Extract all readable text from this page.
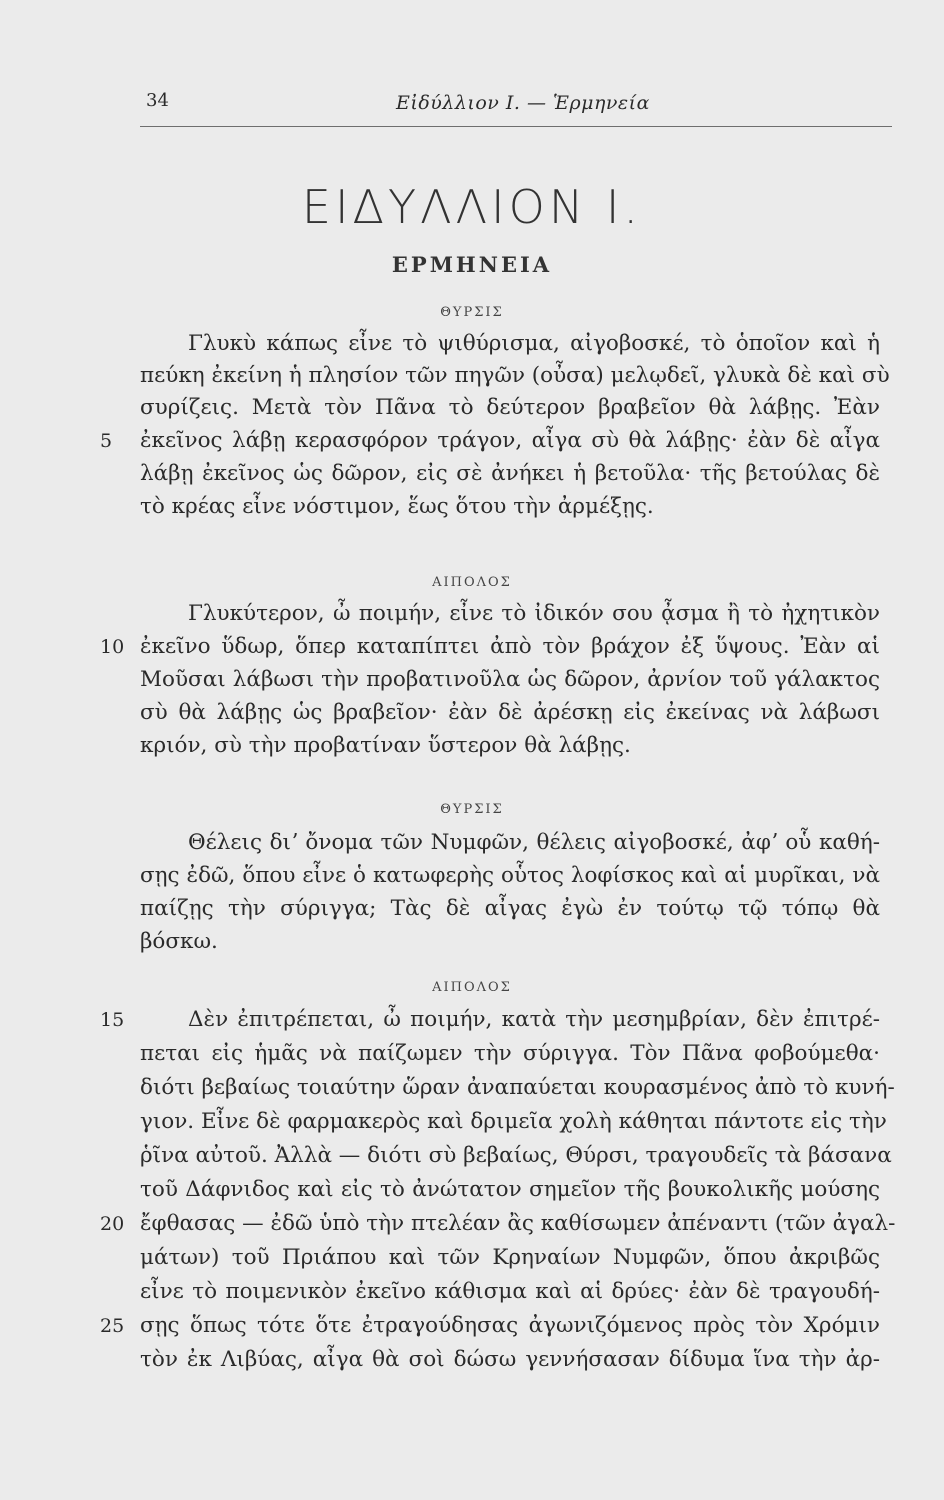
34	Εἰδύλλιον Ι. — Ἑρμηνεία
ΕΙΔΥΛΛΙΟΝ Ι.
ΕΡΜΗΝΕΙΑ
ΘΥΡΣΙΣ
Γλυκὺ κάπως εἶνε τὸ ψιθύρισμα, αἰγοβοσκέ, τὸ ὁποῖον καὶ ἡ
πεύκη ἐκείνη ἡ πλησίον τῶν πηγῶν (οὖσα) μελῳδεῖ, γλυκὰ δὲ καὶ σὺ
συρίζεις. Μετὰ τὸν Πᾶνα τὸ δεύτερον βραβεῖον θὰ λάβῃς. Ἐὰν
5	ἐκεῖνος λάβῃ κερασφόρον τράγον, αἶγα σὺ θὰ λάβῃς· ἐὰν δὲ αἶγα
λάβῃ ἐκεῖνος ὡς δῶρον, εἰς σὲ ἀνήκει ἡ βετοῦλα· τῆς βετούλας δὲ
τὸ κρέας εἶνε νόστιμον, ἕως ὅτου τὴν ἀρμέξῃς.
ΑΙΠΟΛΟΣ
Γλυκύτερον, ὦ ποιμήν, εἶνε τὸ ἰδικόν σου ᾆσμα ἢ τὸ ἠχητικὸν
10 ἐκεῖνο ὕδωρ, ὅπερ καταπίπτει ἀπὸ τὸν βράχον ἐξ ὕψους. Ἐὰν αἱ
Μοῦσαι λάβωσι τὴν προβατινοῦλα ὡς δῶρον, ἀρνίον τοῦ γάλακτος
σὺ θὰ λάβῃς ὡς βραβεῖον· ἐὰν δὲ ἀρέσκῃ εἰς ἐκείνας νὰ λάβωσι
κριόν, σὺ τὴν προβατίναν ὕστερον θὰ λάβῃς.
ΘΥΡΣΙΣ
Θέλεις διʼ ὄνομα τῶν Νυμφῶν, θέλεις αἰγοβοσκέ, ἀφʼ οὗ καθή-
σῃς ἐδῶ, ὅπου εἶνε ὁ κατωφερὴς οὗτος λοφίσκος καὶ αἱ μυρῖκαι, νὰ
παίζῃς τὴν σύριγγα; Τὰς δὲ αἶγας ἐγὼ ἐν τούτῳ τῷ τόπῳ θὰ
βόσκω.
ΑΙΠΟΛΟΣ
15	Δὲν ἐπιτρέπεται, ὦ ποιμήν, κατὰ τὴν μεσημβρίαν, δὲν ἐπιτρέ-
πεται εἰς ἡμᾶς νὰ παίζωμεν τὴν σύριγγα. Τὸν Πᾶνα φοβούμεθα·
διότι βεβαίως τοιαύτην ὥραν ἀναπαύεται κουρασμένος ἀπὸ τὸ κυνή-
γιον. Εἶνε δὲ φαρμακερὸς καὶ δριμεῖα χολὴ κάθηται πάντοτε εἰς τὴν
ῥῖνα αὐτοῦ. Ἀλλὰ — διότι σὺ βεβαίως, Θύρσι, τραγουδεῖς τὰ βάσανα
τοῦ Δάφνιδος καὶ εἰς τὸ ἀνώτατον σημεῖον τῆς βουκολικῆς μούσης
20 ἔφθασας — ἐδῶ ὑπὸ τὴν πτελέαν ἂς καθίσωμεν ἀπέναντι (τῶν ἀγαλ-
μάτων) τοῦ Πριάπου καὶ τῶν Κρηναίων Νυμφῶν, ὅπου ἀκριβῶς
εἶνε τὸ ποιμενικὸν ἐκεῖνο κάθισμα καὶ αἱ δρύες· ἐὰν δὲ τραγουδή-
25 σῃς ὅπως τότε ὅτε ἐτραγούδησας ἀγωνιζόμενος πρὸς τὸν Χρόμιν
τὸν ἐκ Λιβύας, αἶγα θὰ σοὶ δώσω γεννήσασαν δίδυμα ἵνα τὴν ἀρ-
